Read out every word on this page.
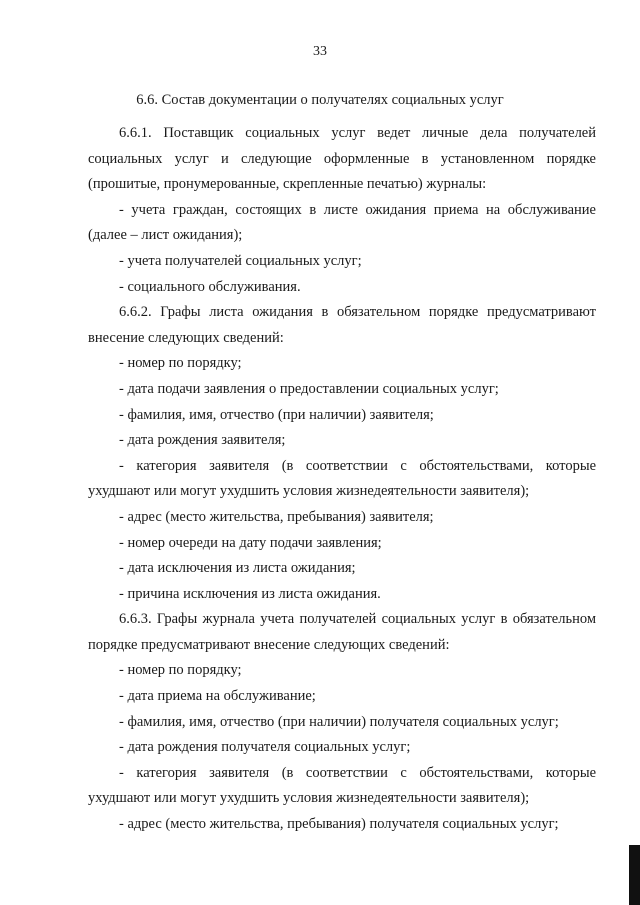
33
6.6. Состав документации о получателях социальных услуг

6.6.1. Поставщик социальных услуг ведет личные дела получателей социальных услуг и следующие оформленные в установленном порядке (прошитые, пронумерованные, скрепленные печатью) журналы:

- учета граждан, состоящих в листе ожидания приема на обслуживание (далее – лист ожидания);

- учета получателей социальных услуг;

- социального обслуживания.

6.6.2. Графы листа ожидания в обязательном порядке предусматривают внесение следующих сведений:

- номер по порядку;

- дата подачи заявления о предоставлении социальных услуг;

- фамилия, имя, отчество (при наличии) заявителя;

- дата рождения заявителя;

- категория заявителя (в соответствии с обстоятельствами, которые ухудшают или могут ухудшить условия жизнедеятельности заявителя);

- адрес (место жительства, пребывания) заявителя;

- номер очереди на дату подачи заявления;

- дата исключения из листа ожидания;

- причина исключения из листа ожидания.

6.6.3. Графы журнала учета получателей социальных услуг в обязательном порядке предусматривают внесение следующих сведений:

- номер по порядку;

- дата приема на обслуживание;

- фамилия, имя, отчество (при наличии) получателя социальных услуг;

- дата рождения получателя социальных услуг;

- категория заявителя (в соответствии с обстоятельствами, которые ухудшают или могут ухудшить условия жизнедеятельности заявителя);

- адрес (место жительства, пребывания) получателя социальных услуг;
